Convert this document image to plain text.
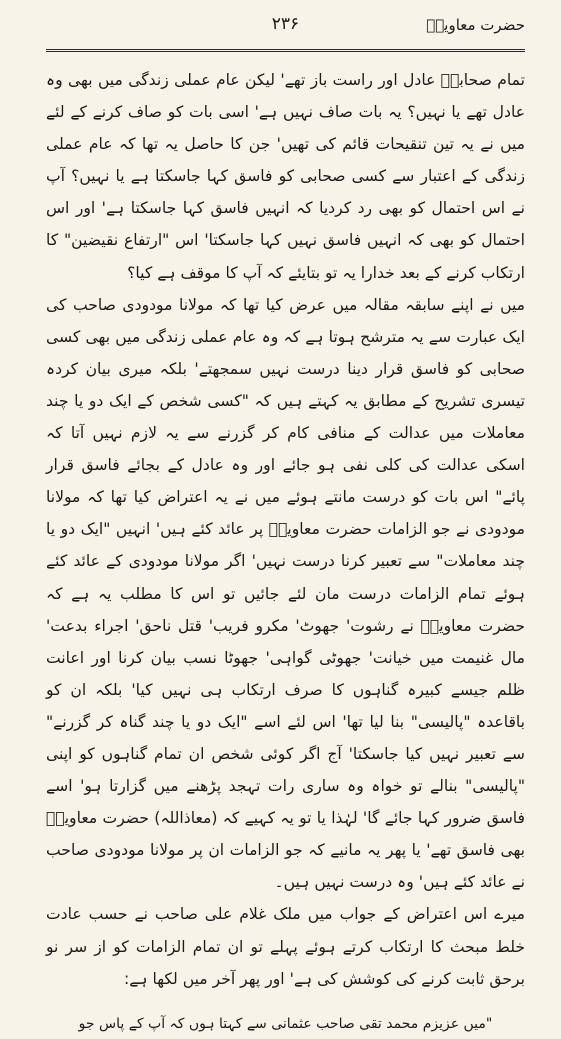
حضرت معاویہؓ
۲۳۶

تمام صحابہؓ عادل اور راست باز تھے' لیکن عام عملی زندگی میں بھی وہ عادل تھے یا نہیں؟ یہ بات صاف نہیں ہے' اسی بات کو صاف کرنے کے لئے میں نے یہ تین تنقیحات قائم کی تھیں' جن کا حاصل یہ تھا کہ عام عملی زندگی کے اعتبار سے کسی صحابی کو فاسق کہا جاسکتا ہے یا نہیں؟ آپ نے اس احتمال کو بھی رد کردیا کہ انہیں فاسق کہا جاسکتا ہے' اور اس احتمال کو بھی کہ انہیں فاسق نہیں کہا جاسکتا' اس "ارتفاع نقیضین" کا ارتکاب کرنے کے بعد خدارا یہ تو بتایئے کہ آپ کا موقف ہے کیا؟

میں نے اپنے سابقہ مقالہ میں عرض کیا تھا کہ مولانا مودودی صاحب کی ایک عبارت سے یہ مترشح ہوتا ہے کہ وہ عام عملی زندگی میں بھی کسی صحابی کو فاسق قرار دینا درست نہیں سمجھتے' بلکہ میری بیان کردہ تیسری تشریح کے مطابق یہ کہتے ہیں کہ "کسی شخص کے ایک دو یا چند معاملات میں عدالت کے منافی کام کر گزرنے سے یہ لازم نہیں آتا کہ اسکی عدالت کی کلی نفی ہو جائے اور وہ عادل کے بجائے فاسق قرار پائے" اس بات کو درست مانتے ہوئے میں نے یہ اعتراض کیا تھا کہ مولانا مودودی نے جو الزامات حضرت معاویہؓ پر عائد کئے ہیں' انہیں "ایک دو یا چند معاملات" سے تعبیر کرنا درست نہیں' اگر مولانا مودودی کے عائد کئے ہوئے تمام الزامات درست مان لئے جائیں تو اس کا مطلب یہ ہے کہ حضرت معاویہؓ نے رشوت' جھوٹ' مکرو فریب' قتل ناحق' اجراء بدعت' مال غنیمت میں خیانت' جھوٹی گواہی' جھوٹا نسب بیان کرنا اور اعانت ظلم جیسے کبیرہ گناہوں کا صرف ارتکاب ہی نہیں کیا' بلکہ ان کو باقاعدہ "پالیسی" بنا لیا تھا' اس لئے اسے "ایک دو یا چند گناہ کر گزرنے" سے تعبیر نہیں کیا جاسکتا' آج اگر کوئی شخص ان تمام گناہوں کو اپنی "پالیسی" بنالے تو خواہ وہ ساری رات تہجد پڑھنے میں گزارتا ہو' اسے فاسق ضرور کہا جائے گا' لہٰذا یا تو یہ کہیے کہ (معاذاللہ) حضرت معاویہؓ بھی فاسق تھے' یا پھر یہ مانیے کہ جو الزامات ان پر مولانا مودودی صاحب نے عائد کئے ہیں' وہ درست نہیں ہیں۔

میرے اس اعتراض کے جواب میں ملک غلام علی صاحب نے حسب عادت خلط مبحث کا ارتکاب کرتے ہوئے پہلے تو ان تمام الزامات کو از سر نو برحق ثابت کرنے کی کوشش کی ہے' اور پھر آخر میں لکھا ہے:

"میں عزیزم محمد تقی صاحب عثمانی سے کہتا ہوں کہ آپ کے پاس جو
